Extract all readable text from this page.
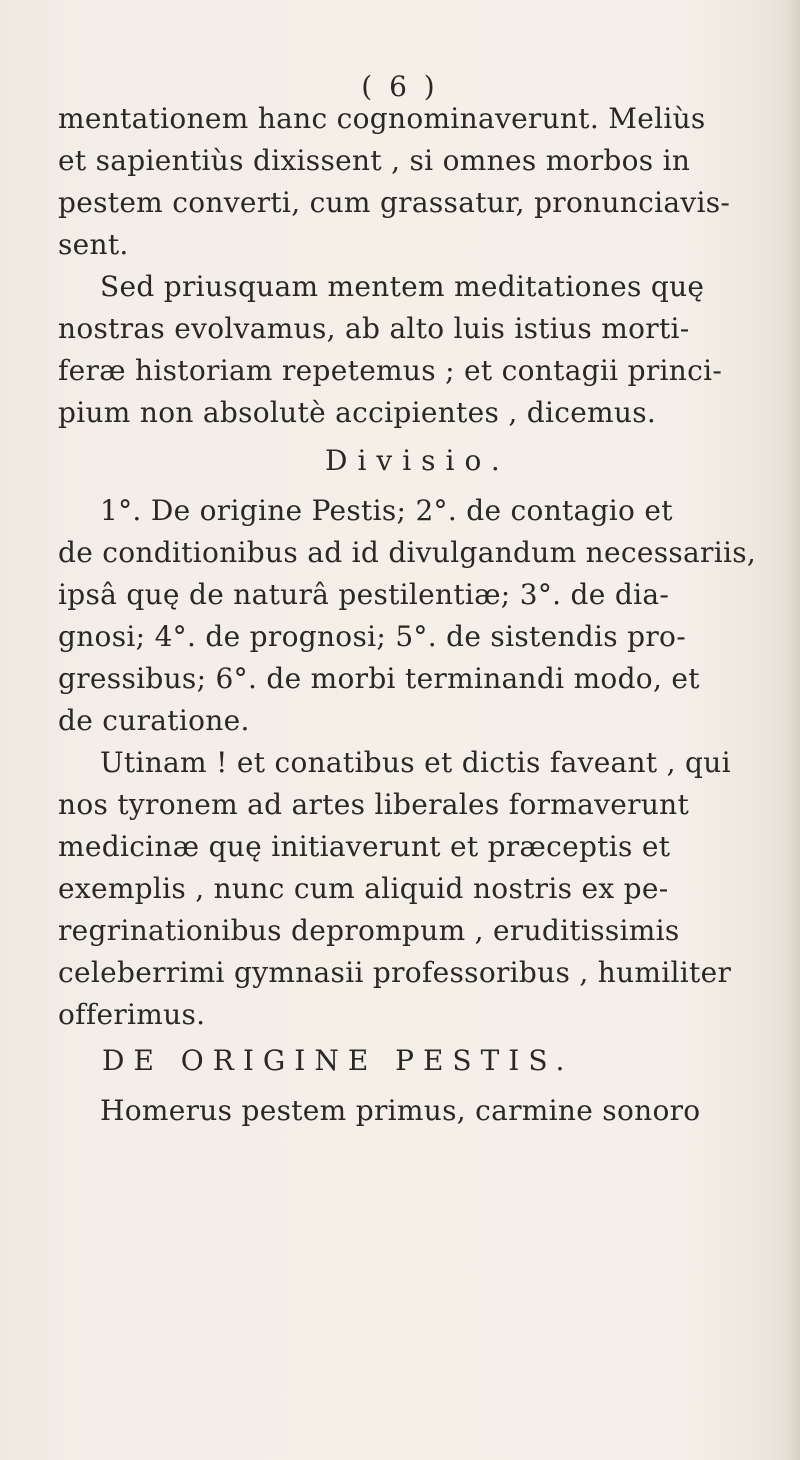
( 6 )
mentationem hanc cognominaverunt. Meliùs
et sapientiùs dixissent , si omnes morbos in
pestem converti, cum grassatur, pronunciavis-
sent.
Sed priusquam mentem meditationes quę
nostras evolvamus, ab alto luis istius morti-
feræ historiam repetemus ; et contagii princi-
pium non absolutè accipientes , dicemus.
Divisio.
1°. De origine Pestis; 2°. de contagio et
de conditionibus ad id divulgandum necessariis,
ipsâ quę de naturâ pestilentiæ; 3°. de dia-
gnosi; 4°. de prognosi; 5°. de sistendis pro-
gressibus; 6°. de morbi terminandi modo, et
de curatione.
Utinam ! et conatibus et dictis faveant , qui
nos tyronem ad artes liberales formaverunt
medicinæ quę initiaverunt et præceptis et
exemplis , nunc cum aliquid nostris ex pe-
regrinationibus deprompum , eruditissimis
celeberrimi gymnasii professoribus , humiliter
offerimus.
DE ORIGINE PESTIS.
Homerus pestem primus, carmine sonoro
